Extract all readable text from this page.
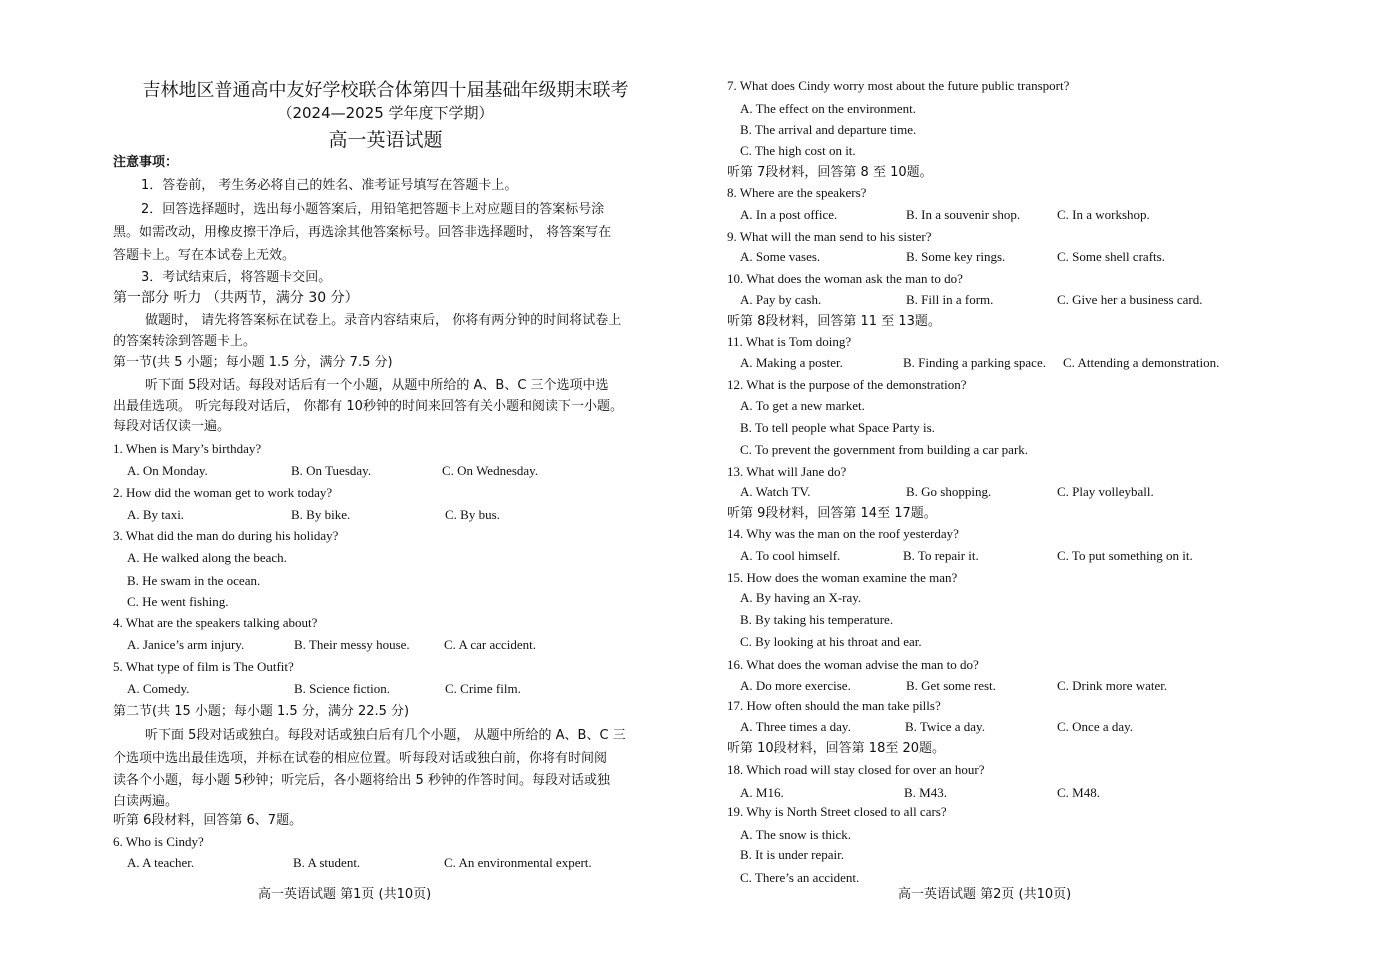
吉林地区普通高中友好学校联合体第四十届基础年级期末联考
（2024—2025 学年度下学期）
高一英语试题
注意事项：
1．答卷前， 考生务必将自己的姓名、准考证号填写在答题卡上。
2．回答选择题时，选出每小题答案后，用铅笔把答题卡上对应题目的答案标号涂
黑。如需改动，用橡皮擦干净后，再选涂其他答案标号。回答非选择题时， 将答案写在
答题卡上。写在本试卷上无效。
3．考试结束后，将答题卡交回。
第一部分 听力 （共两节，满分 30 分）
做题时， 请先将答案标在试卷上。录音内容结束后， 你将有两分钟的时间将试卷上
的答案转涂到答题卡上。
第一节(共 5 小题；每小题 1.5 分，满分 7.5 分)
听下面 5段对话。每段对话后有一个小题，从题中所给的 A、B、C 三个选项中选
出最佳选项。 听完每段对话后， 你都有 10秒钟的时间来回答有关小题和阅读下一小题。
每段对话仅读一遍。
1. When is Mary’s birthday?
A. On Monday.	B. On Tuesday.	C. On Wednesday.
2. How did the woman get to work today?
A. By taxi.	B. By bike.	C. By bus.
3. What did the man do during his holiday?
A. He walked along the beach.
B. He swam in the ocean.
C. He went fishing.
4. What are the speakers talking about?
A. Janice’s arm injury.	B. Their messy house.	C. A car accident.
5. What type of film is The Outfit?
A. Comedy.	B. Science fiction.	C. Crime film.
第二节(共 15 小题；每小题 1.5 分，满分 22.5 分)
听下面 5段对话或独白。每段对话或独白后有几个小题， 从题中所给的 A、B、C 三
个选项中选出最佳选项，并标在试卷的相应位置。听每段对话或独白前，你将有时间阅
读各个小题，每小题 5秒钟；听完后，各小题将给出 5 秒钟的作答时间。每段对话或独
白读两遍。
听第 6段材料，回答第 6、7题。
6. Who is Cindy?
A. A teacher.	B. A student.	C. An environmental expert.
高一英语试题 第1页 (共10页)
7. What does Cindy worry most about the future public transport?
A. The effect on the environment.
B. The arrival and departure time.
C. The high cost on it.
听第 7段材料，回答第 8 至 10题。
8. Where are the speakers?
A. In a post office.	B. In a souvenir shop.	C. In a workshop.
9. What will the man send to his sister?
A. Some vases.	B. Some key rings.	C. Some shell crafts.
10. What does the woman ask the man to do?
A. Pay by cash.	B. Fill in a form.	C. Give her a business card.
听第 8段材料，回答第 11 至 13题。
11. What is Tom doing?
A. Making a poster.	B. Finding a parking space. C. Attending a demonstration.
12. What is the purpose of the demonstration?
A. To get a new market.
B. To tell people what Space Party is.
C. To prevent the government from building a car park.
13. What will Jane do?
A. Watch TV.	B. Go shopping.	C. Play volleyball.
听第 9段材料，回答第 14至 17题。
14. Why was the man on the roof yesterday?
A. To cool himself.	B. To repair it.	C. To put something on it.
15. How does the woman examine the man?
A. By having an X-ray.
B. By taking his temperature.
C. By looking at his throat and ear.
16. What does the woman advise the man to do?
A. Do more exercise.	B. Get some rest.	C. Drink more water.
17. How often should the man take pills?
A. Three times a day.	B. Twice a day.	C. Once a day.
听第 10段材料，回答第 18至 20题。
18. Which road will stay closed for over an hour?
A. M16.	B. M43.	C. M48.
19. Why is North Street closed to all cars?
A. The snow is thick.
B. It is under repair.
C. There’s an accident.
高一英语试题 第2页 (共10页)
